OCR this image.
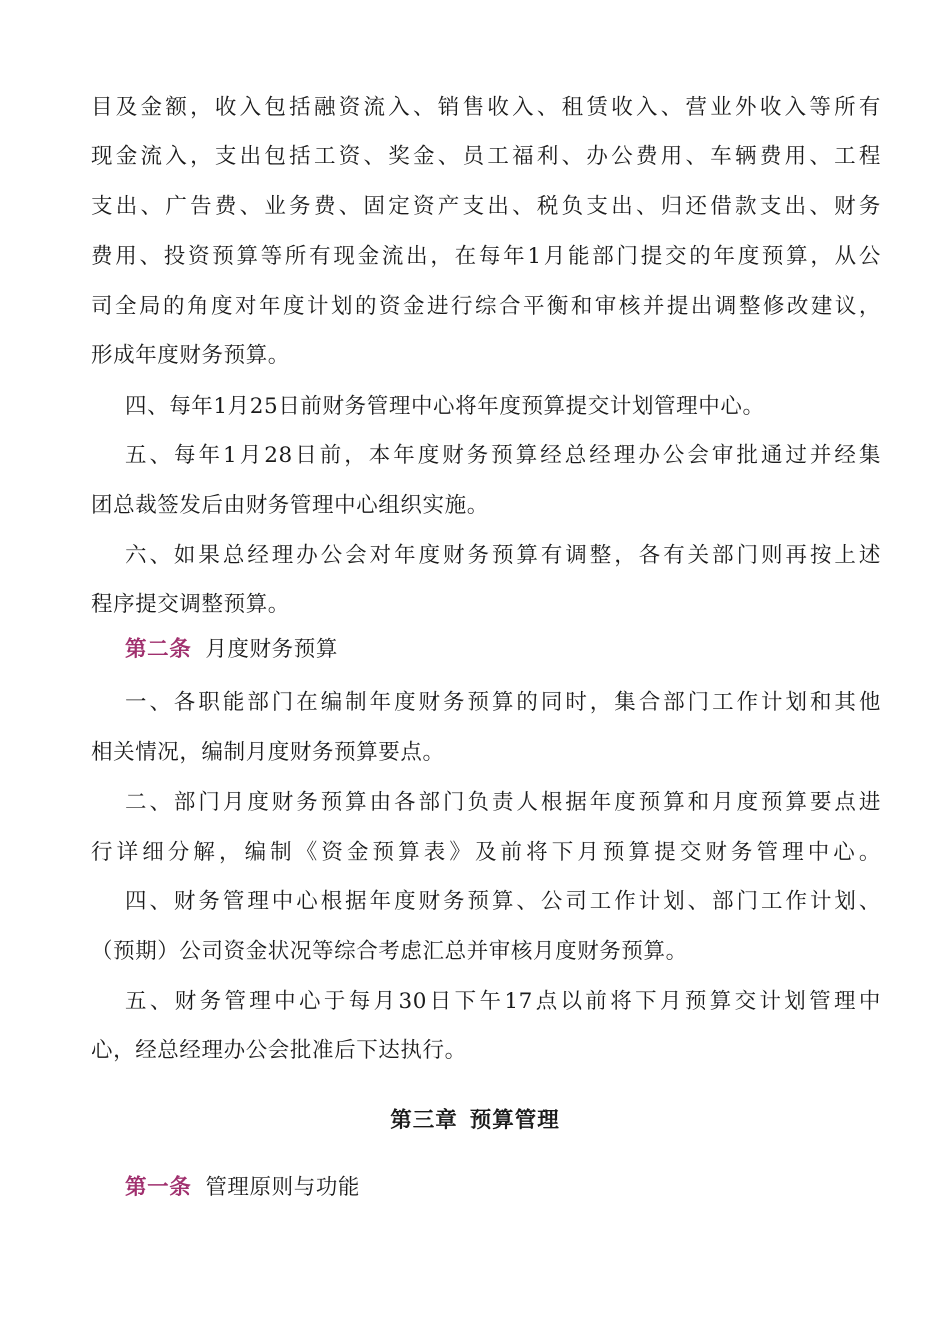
目及金额，收入包括融资流入、销售收入、租赁收入、营业外收入等所有
现金流入，支出包括工资、奖金、员工福利、办公费用、车辆费用、工程
支出、广告费、业务费、固定资产支出、税负支出、归还借款支出、财务
费用、投资预算等所有现金流出，在每年1月能部门提交的年度预算，从公
司全局的角度对年度计划的资金进行综合平衡和审核并提出调整修改建议，
形成年度财务预算。
四、每年1月25日前财务管理中心将年度预算提交计划管理中心。
五、每年1月28日前，本年度财务预算经总经理办公会审批通过并经集
团总裁签发后由财务管理中心组织实施。
六、如果总经理办公会对年度财务预算有调整，各有关部门则再按上述
程序提交调整预算。
第二条 月度财务预算
一、各职能部门在编制年度财务预算的同时，集合部门工作计划和其他
相关情况，编制月度财务预算要点。
二、部门月度财务预算由各部门负责人根据年度预算和月度预算要点进
行详细分解，编制《资金预算表》及前将下月预算提交财务管理中心。
四、财务管理中心根据年度财务预算、公司工作计划、部门工作计划、
（预期）公司资金状况等综合考虑汇总并审核月度财务预算。
五、财务管理中心于每月30日下午17点以前将下月预算交计划管理中
心，经总经理办公会批准后下达执行。
第三章 预算管理
第一条 管理原则与功能
